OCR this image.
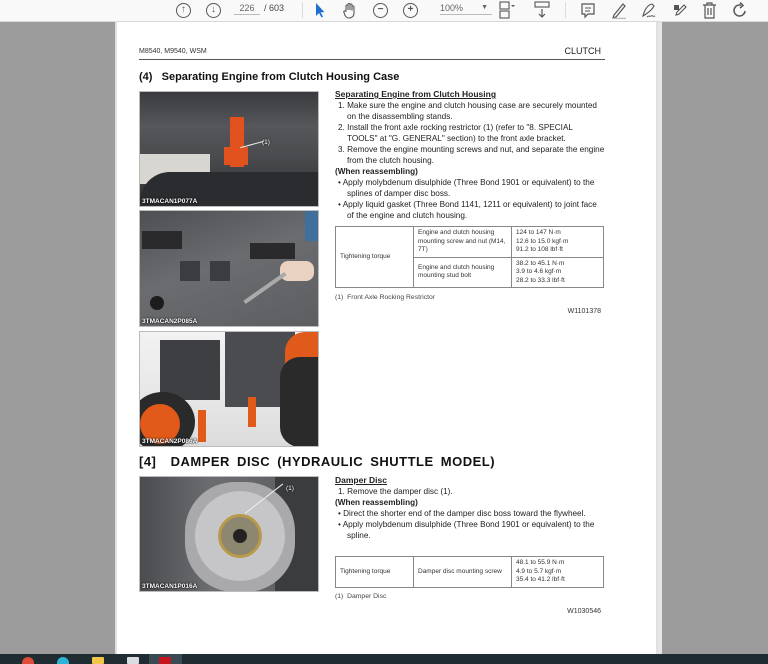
↑	↓	226	/ 603	−	+	100%	▼
M8540, M9540, WSM	CLUTCH
(4)   Separating Engine from Clutch Housing Case
(1)
3TMACAN1P077A
3TMACAN2P085A
3TMACAN2P086A
Separating Engine from Clutch Housing
1. Make sure the engine and clutch housing case are securely mounted on the disassembling stands.
2. Install the front axle rocking restrictor (1) (refer to "8. SPECIAL TOOLS" at "G. GENERAL" section) to the front axle bracket.
3. Remove the engine mounting screws and nut, and separate the engine from the clutch housing.
(When reassembling)
• Apply molybdenum disulphide (Three Bond 1901 or equivalent) to the splines of damper disc boss.
• Apply liquid gasket (Three Bond 1141, 1211 or equivalent) to joint face of the engine and clutch housing.
Tightening torque	Engine and clutch housing mounting screw and nut (M14, 7T)	124 to 147 N·m
12.6 to 15.0 kgf·m
91.2 to 108 lbf·ft

	Engine and clutch housing mounting stud bolt	38.2 to 45.1 N·m
3.9 to 4.6 kgf·m
28.2 to 33.3 lbf·ft
(1)  Front Axle Rocking Restrictor
W1101378
[4]  DAMPER DISC (HYDRAULIC SHUTTLE MODEL)
(1)
3TMACAN1P016A
Damper Disc
1. Remove the damper disc (1).
(When reassembling)
• Direct the shorter end of the damper disc boss toward the flywheel.
• Apply molybdenum disulphide (Three Bond 1901 or equivalent) to the spline.
Tightening torque	Damper disc mounting screw	
48.1 to 55.9 N·m
4.9 to 5.7 kgf·m
35.4 to 41.2 lbf·ft
(1)  Damper Disc
W1030546
